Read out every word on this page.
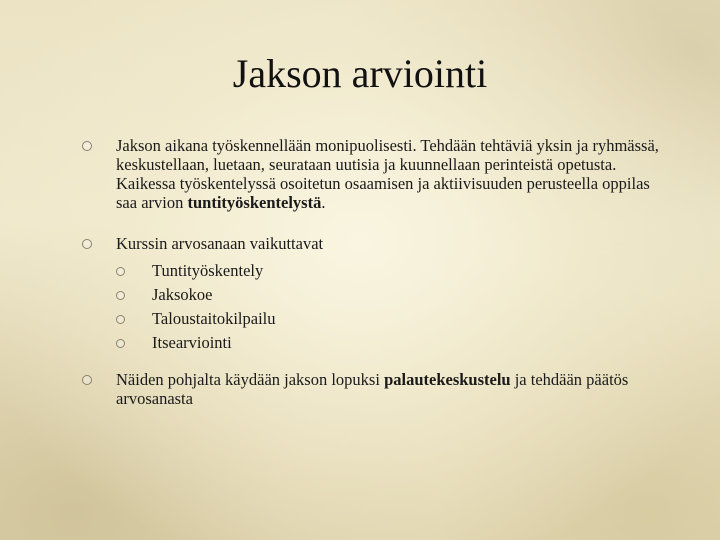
Jakson arviointi
Jakson aikana työskennellään monipuolisesti. Tehdään tehtäviä yksin ja ryhmässä, keskustellaan, luetaan, seurataan uutisia ja kuunnellaan perinteistä opetusta. Kaikessa työskentelyssä osoitetun osaamisen ja aktiivisuuden perusteella oppilas saa arvion tuntityöskentelystä.
Kurssin arvosanaan vaikuttavat
Tuntityöskentely
Jaksokoe
Taloustaitokilpailu
Itsearviointi
Näiden pohjalta käydään jakson lopuksi palautekeskustelu ja tehdään päätös arvosanasta
